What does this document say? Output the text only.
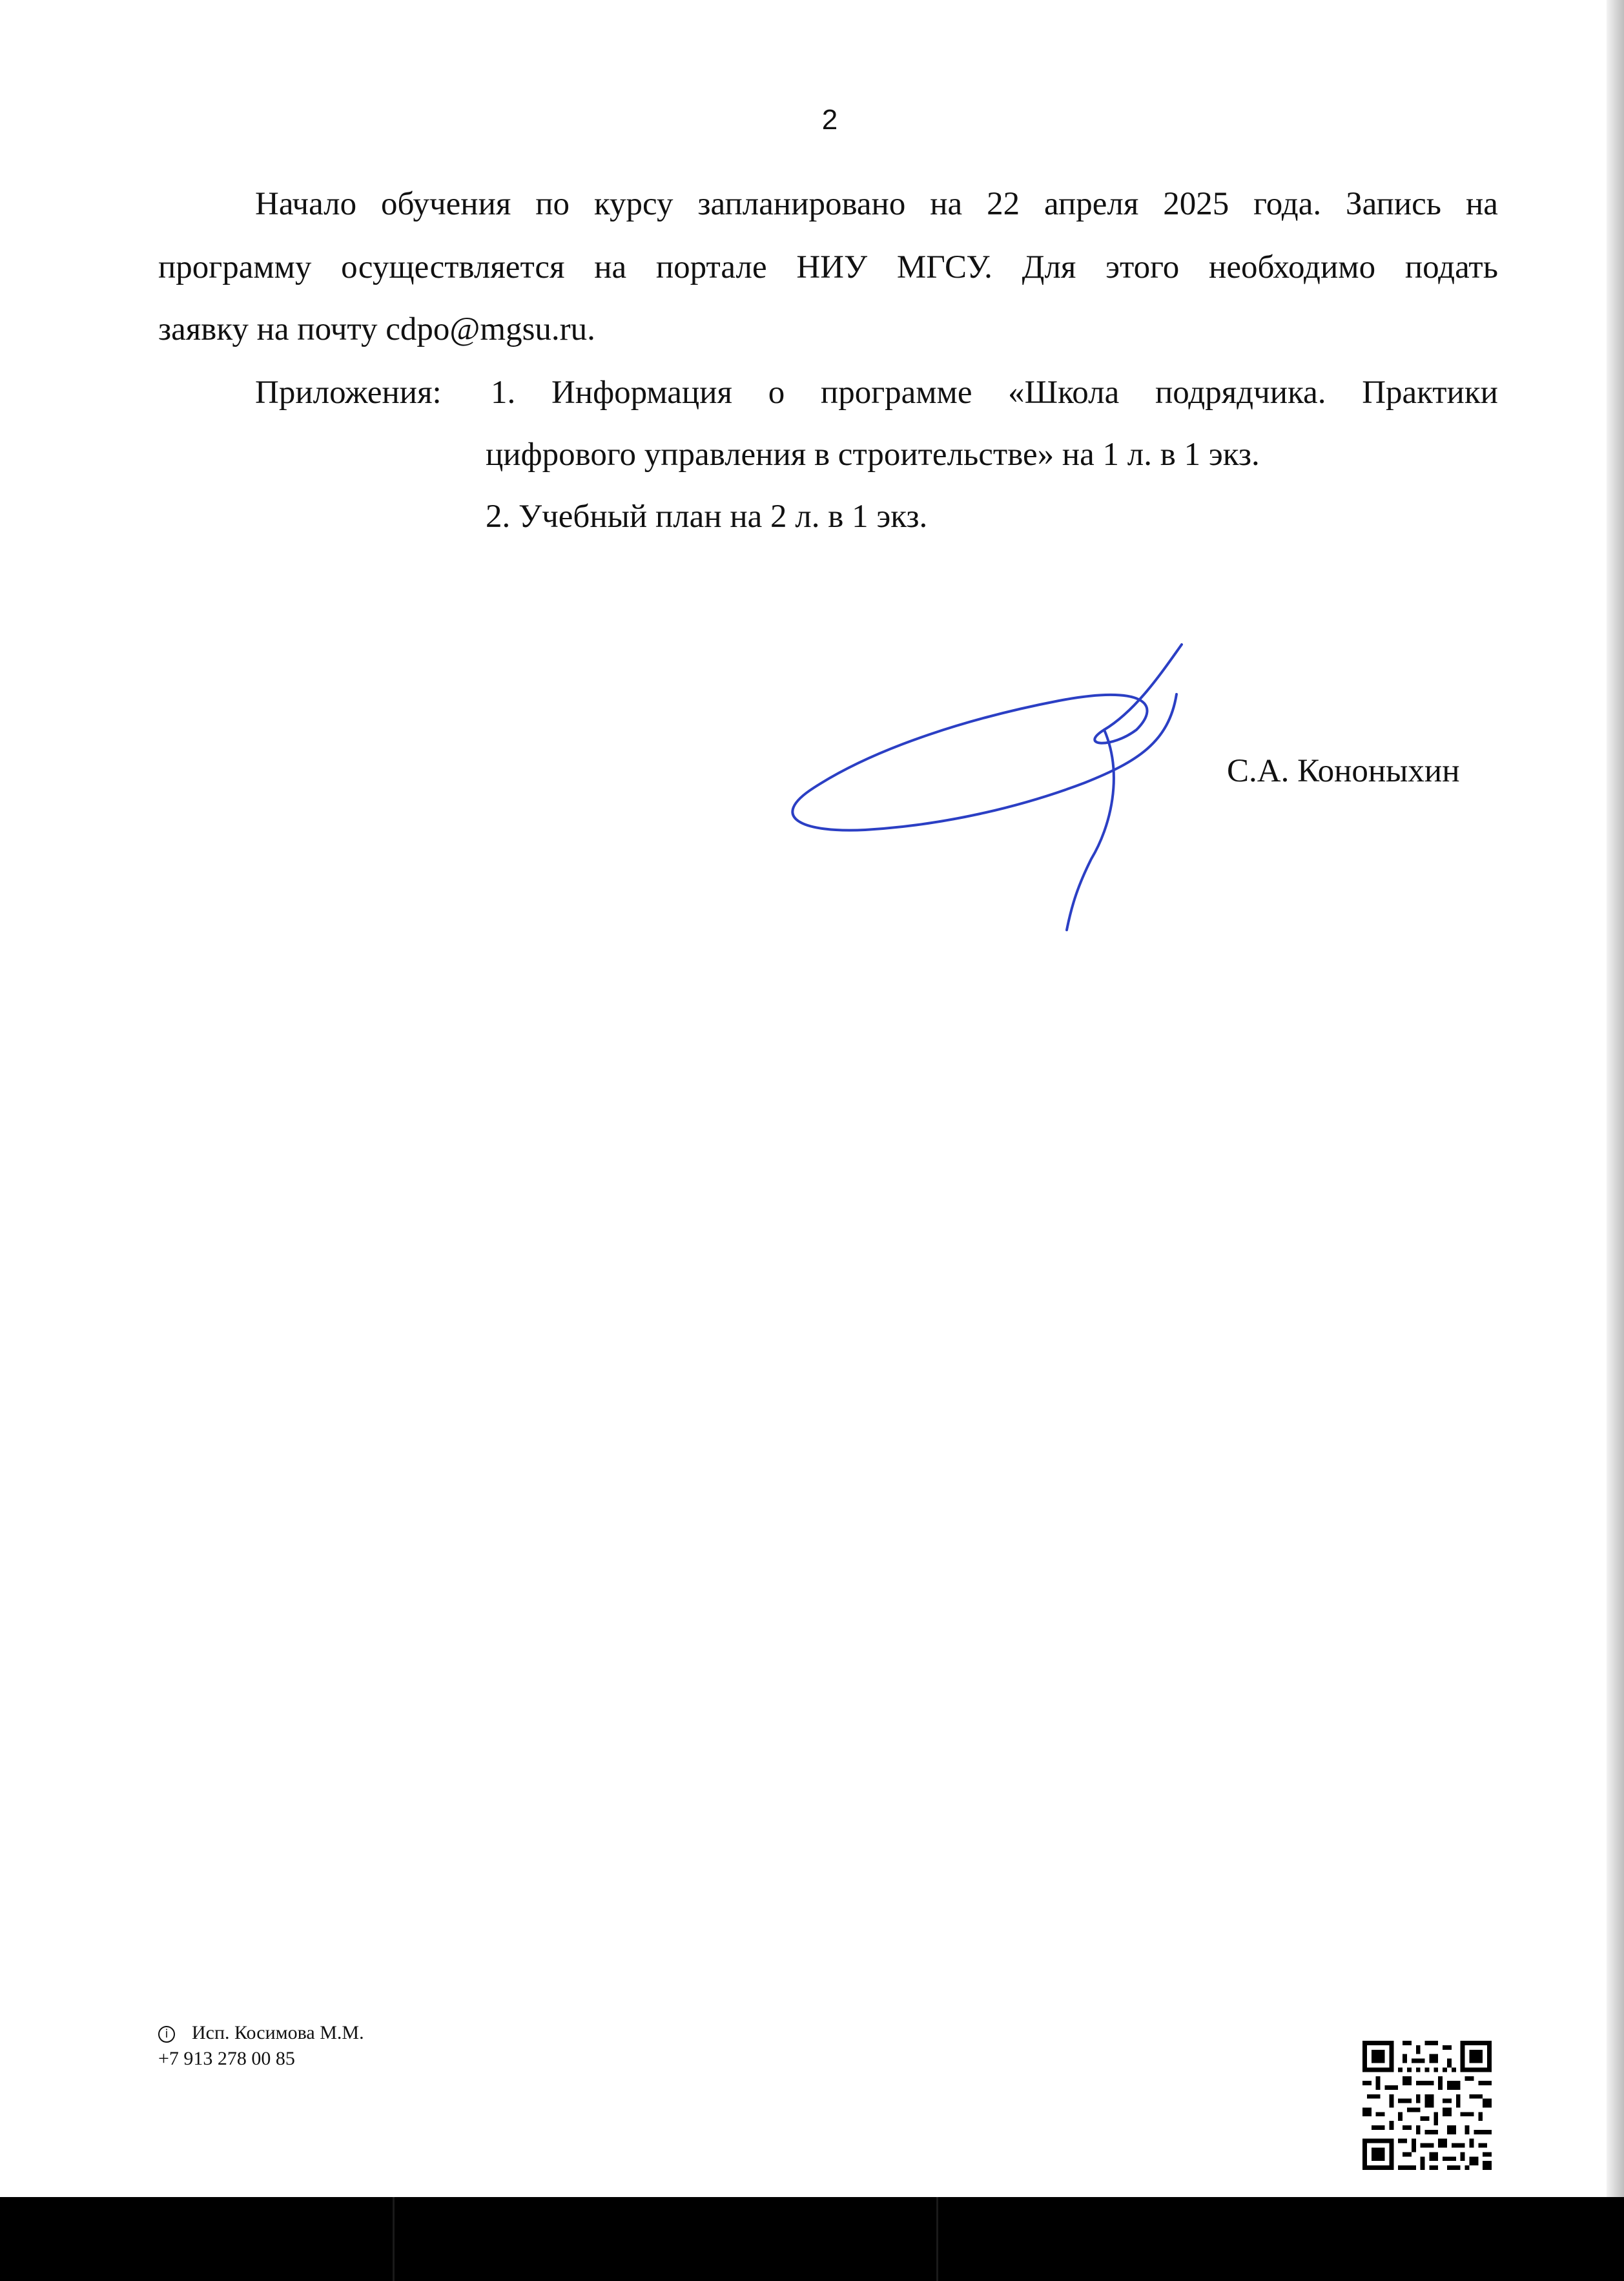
2
Начало обучения по курсу запланировано на 22 апреля 2025 года. Запись на
программу осуществляется на портале НИУ МГСУ. Для этого необходимо подать
заявку на почту cdpo@mgsu.ru.
Приложения: 1. Информация о программе «Школа подрядчика. Практики
цифрового управления в строительстве» на 1 л. в 1 экз.
2. Учебный план на 2 л. в 1 экз.
С.А. Кононыхин
i Исп. Косимова М.М.
+7 913 278 00 85
